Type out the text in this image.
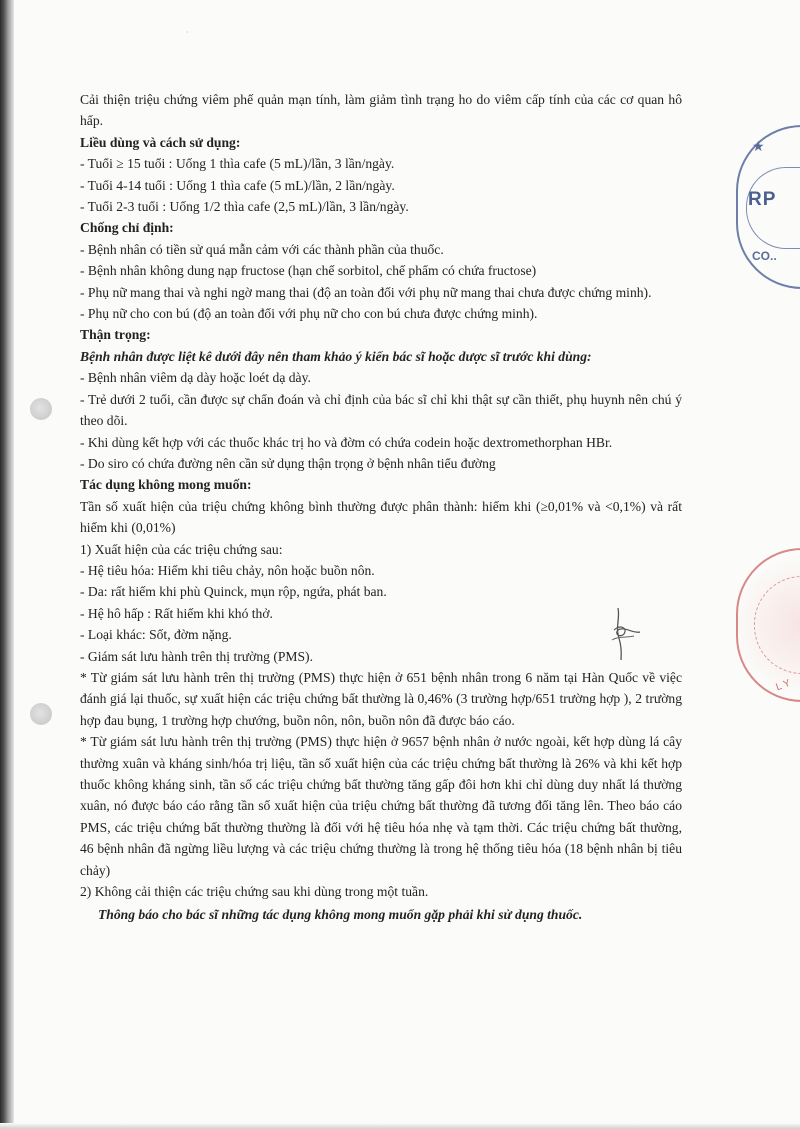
·
★
RP
CO..
L Y

Cải thiện triệu chứng viêm phế quản mạn tính, làm giảm tình trạng ho do viêm cấp tính của các cơ quan hô hấp.

Liều dùng và cách sử dụng:

- Tuổi ≥ 15 tuổi : Uống 1 thìa cafe (5 mL)/lần, 3 lần/ngày.

- Tuổi 4-14 tuổi : Uống 1 thìa cafe (5 mL)/lần, 2 lần/ngày.

- Tuổi 2-3 tuổi : Uống 1/2 thìa cafe (2,5 mL)/lần, 3 lần/ngày.

Chống chỉ định:

- Bệnh nhân có tiền sử quá mẫn cảm với các thành phần của thuốc.

- Bệnh nhân không dung nạp fructose (hạn chế sorbitol, chế phẩm có chứa fructose)

- Phụ nữ mang thai và nghi ngờ mang thai (độ an toàn đối với phụ nữ mang thai chưa được chứng minh).

- Phụ nữ cho con bú (độ an toàn đối với phụ nữ cho con bú chưa được chứng minh).

Thận trọng:

Bệnh nhân được liệt kê dưới đây nên tham khảo ý kiến bác sĩ hoặc dược sĩ trước khi dùng:

- Bệnh nhân viêm dạ dày hoặc loét dạ dày.

- Trẻ dưới 2 tuổi, cần được sự chẩn đoán và chỉ định của bác sĩ chỉ khi thật sự cần thiết, phụ huynh nên chú ý theo dõi.

- Khi dùng kết hợp với các thuốc khác trị ho và đờm có chứa codein hoặc dextromethorphan HBr.

- Do siro có chứa đường nên cần sử dụng thận trọng ở bệnh nhân tiểu đường

Tác dụng không mong muốn:

Tần số xuất hiện của triệu chứng không bình thường được phân thành: hiếm khi (≥0,01% và <0,1%) và rất hiếm khi (0,01%)

1) Xuất hiện của các triệu chứng sau:

- Hệ tiêu hóa: Hiếm khi tiêu chảy, nôn hoặc buồn nôn.

- Da: rất hiếm khi phù Quinck, mụn rộp, ngứa, phát ban.

- Hệ hô hấp : Rất hiếm khi khó thở.

- Loại khác: Sốt, đờm nặng.

- Giám sát lưu hành trên thị trường (PMS).

* Từ giám sát lưu hành trên thị trường (PMS) thực hiện ở 651 bệnh nhân trong 6 năm tại Hàn Quốc về việc đánh giá lại thuốc, sự xuất hiện các triệu chứng bất thường là 0,46% (3 trường hợp/651 trường hợp ), 2 trường hợp đau bụng, 1 trường hợp chướng, buồn nôn, nôn, buồn nôn đã được báo cáo.

* Từ giám sát lưu hành trên thị trường (PMS) thực hiện ở 9657 bệnh nhân ở nước ngoài, kết hợp dùng lá cây thường xuân và kháng sinh/hóa trị liệu, tần số xuất hiện của các triệu chứng bất thường là 26% và khi kết hợp thuốc không kháng sinh, tần số các triệu chứng bất thường tăng gấp đôi hơn khi chỉ dùng duy nhất lá thường xuân, nó được báo cáo rằng tần số xuất hiện của triệu chứng bất thường đã tương đối tăng lên. Theo báo cáo PMS, các triệu chứng bất thường thường là đối với hệ tiêu hóa nhẹ và tạm thời. Các triệu chứng bất thường, 46 bệnh nhân đã ngừng liều lượng và các triệu chứng thường là trong hệ thống tiêu hóa (18 bệnh nhân bị tiêu chảy)

2) Không cải thiện các triệu chứng sau khi dùng trong một tuần.

Thông báo cho bác sĩ những tác dụng không mong muốn gặp phải khi sử dụng thuốc.
